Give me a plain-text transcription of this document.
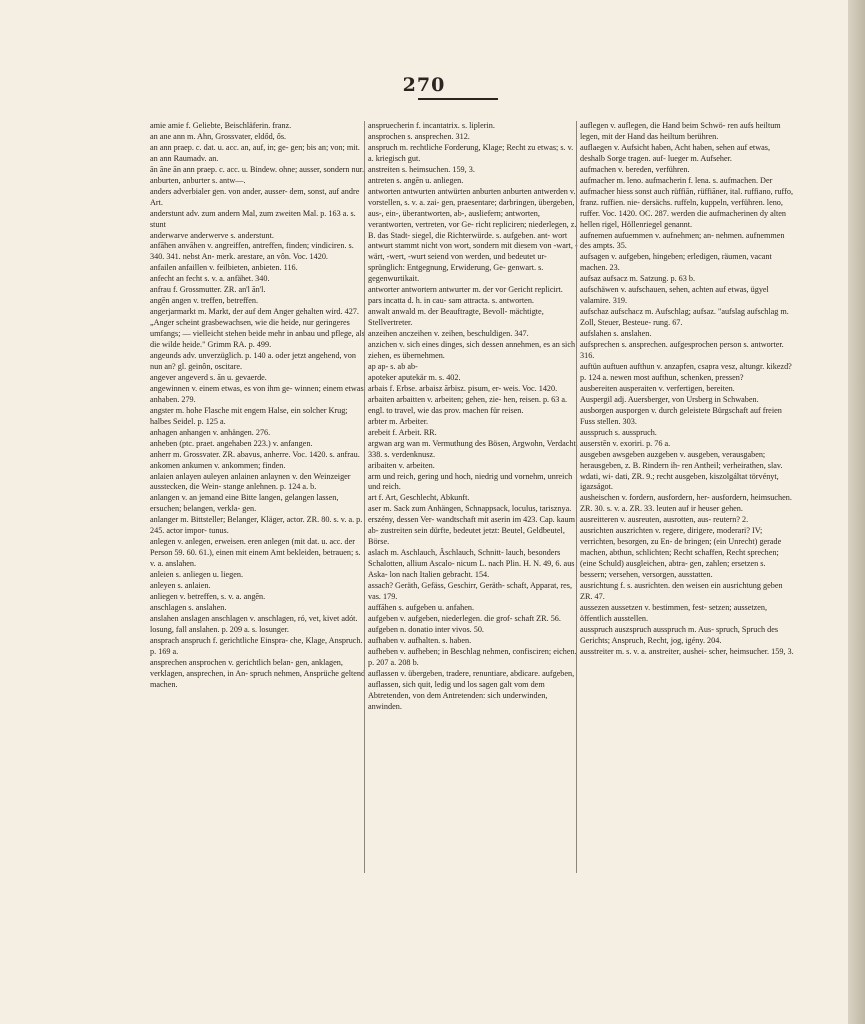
270

amie amie f. Geliebte, Beischläferin. franz.

an ane ann m. Ahn, Grossvater, eldőd, ős.

an ann praep. c. dat. u. acc. an, auf, in; ge- gen; bis an; von; mit.

an ann Raumadv. an.

ān āne ān ann praep. c. acc. u. Bindew. ohne; ausser, sondern nur.

anburten, anburter s. antw—.

anders adverbialer gen. von ander, ausser- dem, sonst, auf andre Art.

anderstunt adv. zum andern Mal, zum zweiten Mal. p. 163 a. s. stunt

anderwarve anderwerve s. anderstunt.

anfāhen anvāhen v. angreiffen, antreffen, finden; vindiciren. s. 340. 341. nebst An- merk. arestare, an vôn. Voc. 1420.

anfailen anfaillen v. feilbieten, anbieten. 116.

anfecht an fecht s. v. a. anfähet. 340.

anfrau f. Grossmutter. ZR. an'l ān'l.

angēn angen v. treffen, betreffen.

angerjarmarkt m. Markt, der auf dem Anger gehalten wird. 427. „Anger scheint grasbewachsen, wie die heide, nur geringeres umfangs; — vielleicht stehen beide mehr in anbau und pflege, als die wilde heide." Grimm RA. p. 499.

angeunds adv. unverzüglich. p. 140 a. oder jetzt angehend, von nun an? gl. geinôn, oscitare.

angever angeverd s. ān u. gevaerde.

angewinnen v. einem etwas, es von ihm ge- winnen; einem etwas anhaben. 279.

angster m. hohe Flasche mit engem Halse, ein solcher Krug; halbes Seidel. p. 125 a.

anhagen anhangen v. anhängen. 276.

anheben (ptc. praet. angehaben 223.) v. anfangen.

anherr m. Grossvater. ZR. abavus, anherre. Voc. 1420. s. anfrau.

ankomen ankumen v. ankommen; finden.

anlaien anlayen auleyen anlainen anlaynen v. den Weinzeiger ausstecken, die Wein- stange anlehnen. p. 124 a. b.

anlangen v. an jemand eine Bitte langen, gelangen lassen, ersuchen; belangen, verkla- gen.

anlanger m. Bittsteller; Belanger, Kläger, actor. ZR. 80. s. v. a. p. 245. actor impor- tunus.

anlegen v. anlegen, erweisen. eren anlegen (mit dat. u. acc. der Person 59. 60. 61.), einen mit einem Amt bekleiden, betrauen; s. v. a. anslahen.

anleien s. anliegen u. liegen.

anleyen s. anlaien.

anliegen v. betreffen, s. v. a. angēn.

anschlagen s. anslahen.

anslahen anslagen anschlagen v. anschlagen, ró, vet, kivet adót. losung, fall anslahen. p. 209 a. s. losunger.

ansprach anspruch f. gerichtliche Einspra- che, Klage, Anspruch. p. 169 a.

ansprechen ansprochen v. gerichtlich belan- gen, anklagen, verklagen, ansprechen, in An- spruch nehmen, Ansprüche geltend machen.

anspruecherin f. incantatrix. s. liplerin.

ansprochen s. ansprechen. 312.

anspruch m. rechtliche Forderung, Klage; Recht zu etwas; s. v. a. kriegisch gut.

anstreiten s. heimsuchen. 159, 3.

antreten s. angēn u. anliegen.

antworten antwurten antwürten anburten anburten antwerden v. vorstellen, s. v. a. zai- gen, praesentare; darbringen, übergeben, aus-, ein-, überantworten, ab-, ausliefern; antworten, verantworten, vertreten, vor Ge- richt repliciren; niederlegen, z. B. das Stadt- siegel, die Richterwürde. s. aufgeben. ant- wort antwurt stammt nicht von wort, sondern mit diesem von -wart, -wärt, -wert, -wurt seiend von werden, und bedeutet ur- sprünglich: Entgegnung, Erwiderung, Ge- genwart. s. gegenwurtikait.

antworter antwortern antwurter m. der vor Gericht replicirt. pars incatta d. h. in cau- sam attracta. s. antworten.

anwalt anwald m. der Beauftragte, Bevoll- mächtigte, Stellvertreter.

anzeihen anczeihen v. zeihen, beschuldigen. 347.

anzichen v. sich eines dinges, sich dessen annehmen, es an sich ziehen, es übernehmen.

ap ap- s. ab ab-

apoteker aputekär m. s. 402.

arbais f. Erbse. arbaisz ārbisz. pisum, er- weis. Voc. 1420.

arbaiten arbaitten v. arbeiten; gehen, zie- hen, reisen. p. 63 a. engl. to travel, wie das prov. machen für reisen.

arbter m. Arbeiter.

arebeit f. Arbeit. RR.

argwan arg wan m. Vermuthung des Bösen, Argwohn, Verdacht. 338. s. verdenknusz.

aribaiten v. arbeiten.

arm und reich, gering und hoch, niedrig und vornehm, unreich und reich.

art f. Art, Geschlecht, Abkunft.

aser m. Sack zum Anhängen, Schnappsack, loculus, tarisznya. erszény, dessen Ver- wandtschaft mit aserin im 423. Cap. kaum ab- zustreiten sein dürfte, bedeutet jetzt: Beutel, Geldbeutel, Börse.

aslach m. Aschlauch, Äschlauch, Schnitt- lauch, besonders Schalotten, allium Ascalo- nicum L. nach Plin. H. N. 49, 6. aus Aska- lon nach Italien gebracht. 154.

assach? Geräth, Gefäss, Geschirr, Geräth- schaft, Apparat, res, vas. 179.

auffāhen s. aufgeben u. anfahen.

aufgeben v. aufgeben, niederlegen. die grof- schaft ZR. 56. aufgeben n. donatio inter vivos. 50.

aufhaben v. aufhalten. s. haben.

aufheben v. aufheben; in Beschlag nehmen, confisciren; eichen. p. 207 a. 208 b.

auflassen v. übergeben, tradere, renuntiare, abdicare. aufgeben, auflassen, sich quit, ledig und los sagen galt vom dem Abtretenden, von dem Antretenden: sich underwinden, anwinden.

auflegen v. auflegen, die Hand beim Schwö- ren aufs heiltum legen, mit der Hand das heiltum berühren.

auflaegen v. Aufsicht haben, Acht haben, sehen auf etwas, deshalb Sorge tragen. auf- lueger m. Aufseher.

aufmachen v. bereden, verführen.

aufmacher m. leno. aufmacherin f. lena. s. aufmachen. Der aufmacher hiess sonst auch rüffiān, rüffiāner, ital. ruffiano, ruffo, franz. ruffien. nie- dersächs. ruffeln, kuppeln, verführen. leno, ruffer. Voc. 1420. OC. 287. werden die aufmacherinen dy alten hellen rigel, Höllenriegel genannt.

aufnemen aufuemmen v. aufnehmen; an- nehmen. aufnemmen des ampts. 35.

aufsagen v. aufgeben, hingeben; erledigen, räumen, vacant machen. 23.

aufsaz aufsacz m. Satzung. p. 63 b.

aufschäwen v. aufschauen, sehen, achten auf etwas, ügyel valamire. 319.

aufschaz aufschacz m. Aufschlag; aufsaz. "aufslag aufschlag m. Zoll, Steuer, Besteue- rung. 67.

aufslahen s. anslahen.

aufsprechen s. ansprechen. aufgesprochen person s. antworter. 316.

auftün auftuen aufthun v. anzapfen, csapra vesz, altungr. kikezd? p. 124 a. newen most aufthun, schenken, pressen?

ausbereiten ausperaiten v. verfertigen, bereiten.

Auspergil adj. Auersberger, von Ursberg in Schwaben.

ausborgen ausporgen v. durch geleistete Bürgschaft auf freien Fuss stellen. 303.

ausspruch s. ausspruch.

auserstēn v. exoriri. p. 76 a.

ausgeben awsgeben auzgeben v. ausgeben, verausgaben; herausgeben, z. B. Rindern ih- ren Antheil; verheirathen, slav. wdati, wi- dati, ZR. 9.; recht ausgeben, kiszolgáltat törvényt, igazságot.

ausheischen v. fordern, ausfordern, her- ausfordern, heimsuchen. ZR. 30. s. v. a. ZR. 33. leuten auf ir heuser gehen.

ausreitteren v. ausreuten, ausrotten, aus- reutern? 2.

ausrichten auszrichten v. regere, dirigere, moderari? IV; verrichten, besorgen, zu En- de bringen; (ein Unrecht) gerade machen, abthun, schlichten; Recht schaffen, Recht sprechen; (eine Schuld) ausgleichen, abtra- gen, zahlen; ersetzen s. bessern; versehen, versorgen, ausstatten.

ausrichtung f. s. ausrichten. den weisen ein ausrichtung geben ZR. 47.

aussezen aussetzen v. bestimmen, fest- setzen; aussetzen, öffentlich ausstellen.

ausspruch auszspruch ausspruch m. Aus- spruch, Spruch des Gerichts; Anspruch, Recht, jog, igény. 204.

ausstreiter m. s. v. a. anstreiter, aushei- scher, heimsucher. 159, 3.
